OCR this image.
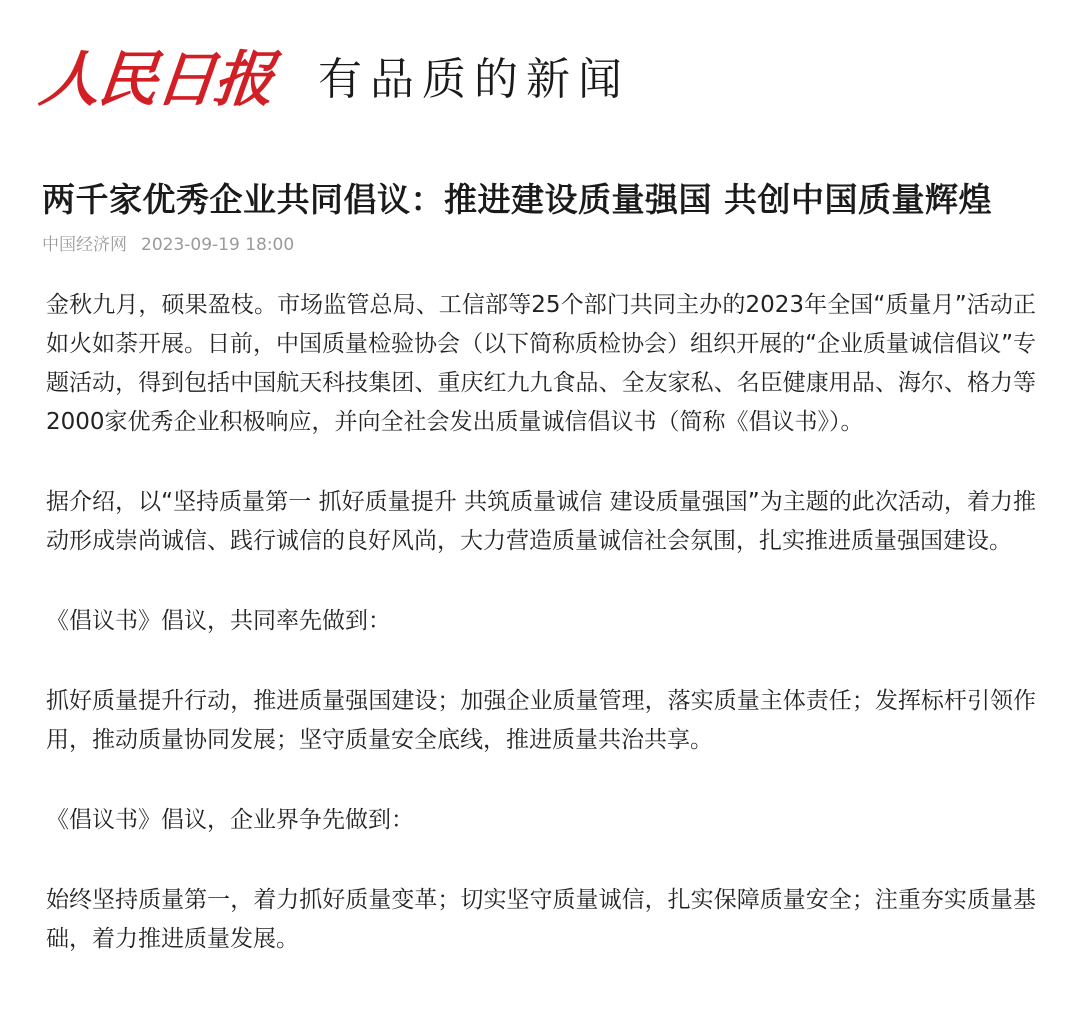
人民日报 有品质的新闻
两千家优秀企业共同倡议：推进建设质量强国 共创中国质量辉煌
中国经济网 2023-09-19 18:00

金秋九月，硕果盈枝。市场监管总局、工信部等25个部门共同主办的2023年全国“质量月”活动正如火如荼开展。日前，中国质量检验协会（以下简称质检协会）组织开展的“企业质量诚信倡议”专题活动，得到包括中国航天科技集团、重庆红九九食品、全友家私、名臣健康用品、海尔、格力等2000家优秀企业积极响应，并向全社会发出质量诚信倡议书（简称《倡议书》）。

据介绍，以“坚持质量第一 抓好质量提升 共筑质量诚信 建设质量强国”为主题的此次活动，着力推动形成崇尚诚信、践行诚信的良好风尚，大力营造质量诚信社会氛围，扎实推进质量强国建设。

《倡议书》倡议，共同率先做到：

抓好质量提升行动，推进质量强国建设；加强企业质量管理，落实质量主体责任；发挥标杆引领作用，推动质量协同发展；坚守质量安全底线，推进质量共治共享。

《倡议书》倡议，企业界争先做到：

始终坚持质量第一，着力抓好质量变革；切实坚守质量诚信，扎实保障质量安全；注重夯实质量基础，着力推进质量发展。
